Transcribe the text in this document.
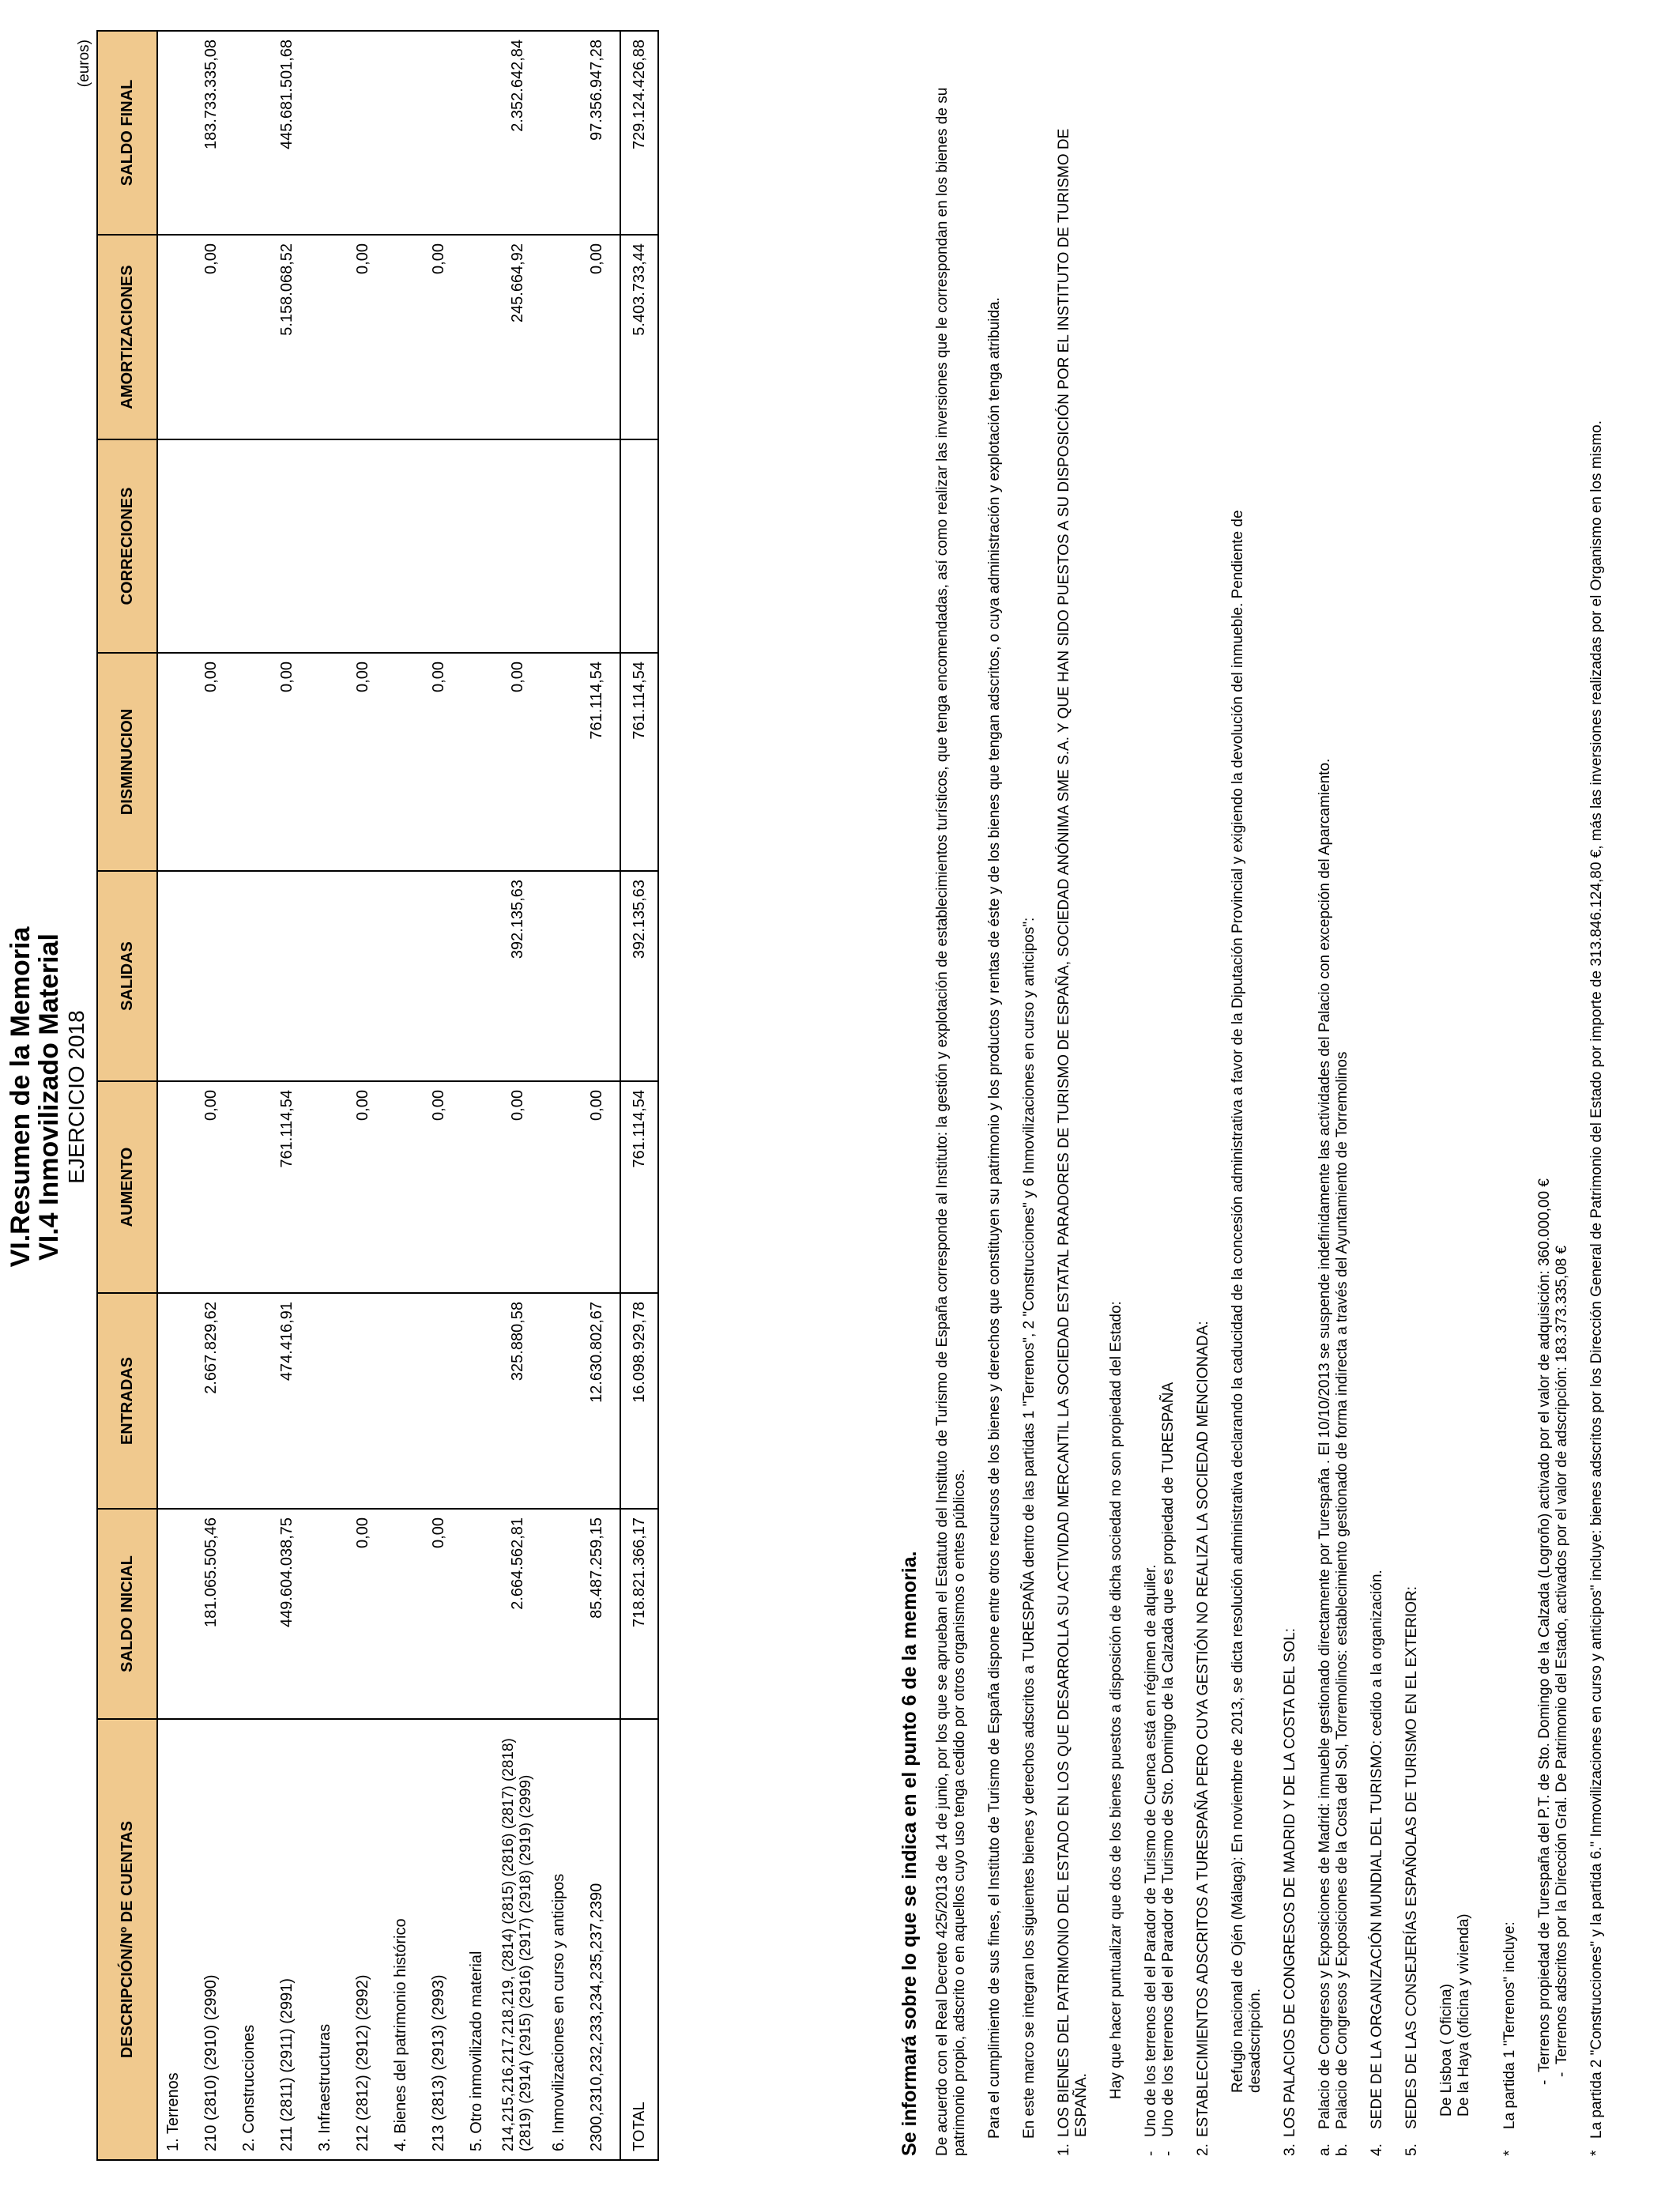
VI.Resumen de la Memoria
VI.4 Inmovilizado Material EJERCICIO 2018
(euros)
DESCRIPCIÓN/Nº DE CUENTAS	SALDO INICIAL	ENTRADAS	AUMENTO	SALIDAS	DISMINUCION	CORRECIONES	AMORTIZACIONES	SALDO FINAL
1. Terrenos								
210 (2810) (2910) (2990)	181.065.505,46	2.667.829,62	0,00		0,00		0,00	183.733.335,08
2. Construcciones								
211 (2811) (2911) (2991)	449.604.038,75	474.416,91	761.114,54		0,00		5.158.068,52	445.681.501,68
3. Infraestructuras								
212 (2812) (2912) (2992)	0,00		0,00		0,00		0,00	
4. Bienes del patrimonio histórico								
213 (2813) (2913) (2993)	0,00		0,00		0,00		0,00	
5. Otro inmovilizado material								
214,215,216,217,218,219, (2814) (2815) (2816) (2817) (2818) (2819) (2914) (2915) (2916) (2917) (2918) (2919) (2999)	2.664.562,81	325.880,58	0,00	392.135,63	0,00		245.664,92	2.352.642,84
6. Inmovilizaciones en curso y anticipos								
2300,2310,232,233,234,235,237,2390	85.487.259,15	12.630.802,67	0,00		761.114,54		0,00	97.356.947,28
TOTAL	718.821.366,17	16.098.929,78	761.114,54	392.135,63	761.114,54		5.403.733,44	729.124.426,88

Se informará sobre lo que se indica en el punto 6 de la memoria. De acuerdo con el Real Decreto 425/2013 de 14 de junio, por los que se aprueban el Estatuto del Instituto de Turismo de España corresponde al Instituto: la gestión y explotación de establecimientos turísticos, que tenga encomendadas, así como realizar las inversiones que le correspondan en los bienes de su patrimonio propio, adscrito o en aquellos cuyo uso tenga cedido por otros organismos o entes públicos. Para el cumplimiento de sus fines, el Instituto de Turismo de España dispone entre otros recursos de los bienes y derechos que constituyen su patrimonio y los productos y rentas de éste y de los bienes que tengan adscritos, o cuya administración y explotación tenga atribuida. En este marco se integran los siguientes bienes y derechos adscritos a TURESPAÑA dentro de las partidas 1 "Terrenos", 2 "Construcciones" y 6 Inmovilizaciones en curso y anticipos":

1.
LOS BIENES DEL PATRIMONIO DEL ESTADO EN LOS QUE DESARROLLA SU ACTIVIDAD MERCANTIL LA SOCIEDAD ESTATAL PARADORES DE TURISMO DE ESPAÑA, SOCIEDAD ANÓNIMA SME S.A. Y QUE HAN SIDO PUESTOS A SU DISPOSICIÓN POR EL INSTITUTO DE TURISMO DE ESPAÑA.

Hay que hacer puntualizar que dos de los bienes puestos a disposición de dicha sociedad no son propiedad del Estado:

-
Uno de los terrenos del el Parador de Turismo de Cuenca está en régimen de alquiler.
-
Uno de los terrenos del el Parador de Turismo de Sto. Domingo de la Calzada que es propiedad de TURESPAÑA
2.
ESTABLECIMIENTOS ADSCRITOS A TURESPAÑA PERO CUYA GESTIÓN NO REALIZA LA SOCIEDAD MENCIONADA: Refugio nacional de Ojén (Málaga): En noviembre de 2013, se dicta resolución administrativa declarando la caducidad de la concesión administrativa a favor de la Diputación Provincial y exigiendo la devolución del inmueble. Pendiente de desadscripción.

3.
LOS PALACIOS DE CONGRESOS DE MADRID Y DE LA COSTA DEL SOL:
a.
Palacio de Congresos y Exposiciones de Madrid: inmueble gestionado directamente por Turespaña . El 10/10/2013 se suspende indefinidamente las actividades del Palacio con excepción del Aparcamiento.
b.
Palacio de Congresos y Exposiciones de la Costa del Sol, Torremolinos: establecimiento gestionado de forma indirecta a través del Ayuntamiento de Torremolinos
4.
SEDE DE LA ORGANIZACIÓN MUNDIAL DEL TURISMO: cedido a la organización.
5.
SEDES DE LAS CONSEJERÍAS ESPAÑOLAS DE TURISMO EN EL EXTERIOR: De Lisboa ( Oficina) De la Haya (oficina y vivienda)

*
La partida 1 "Terrenos" incluye: -
Terrenos propiedad de Turespaña del P.T. de Sto. Domingo de la Calzada (Logroño) activado por el valor de adquisición: 360.000,00 €
-
Terrenos adscritos por la Dirección Gral. De Patrimonio del Estado, activados por el valor de adscripción: 183.373.335,08 €
*
La partida 2 "Construcciones" y la partida 6." Inmovilizaciones en curso y anticipos" incluye: bienes adscritos por los Dirección General de Patrimonio del Estado por importe de 313.846.124,80 €, más las inversiones realizadas por el Organismo en los mismo.
